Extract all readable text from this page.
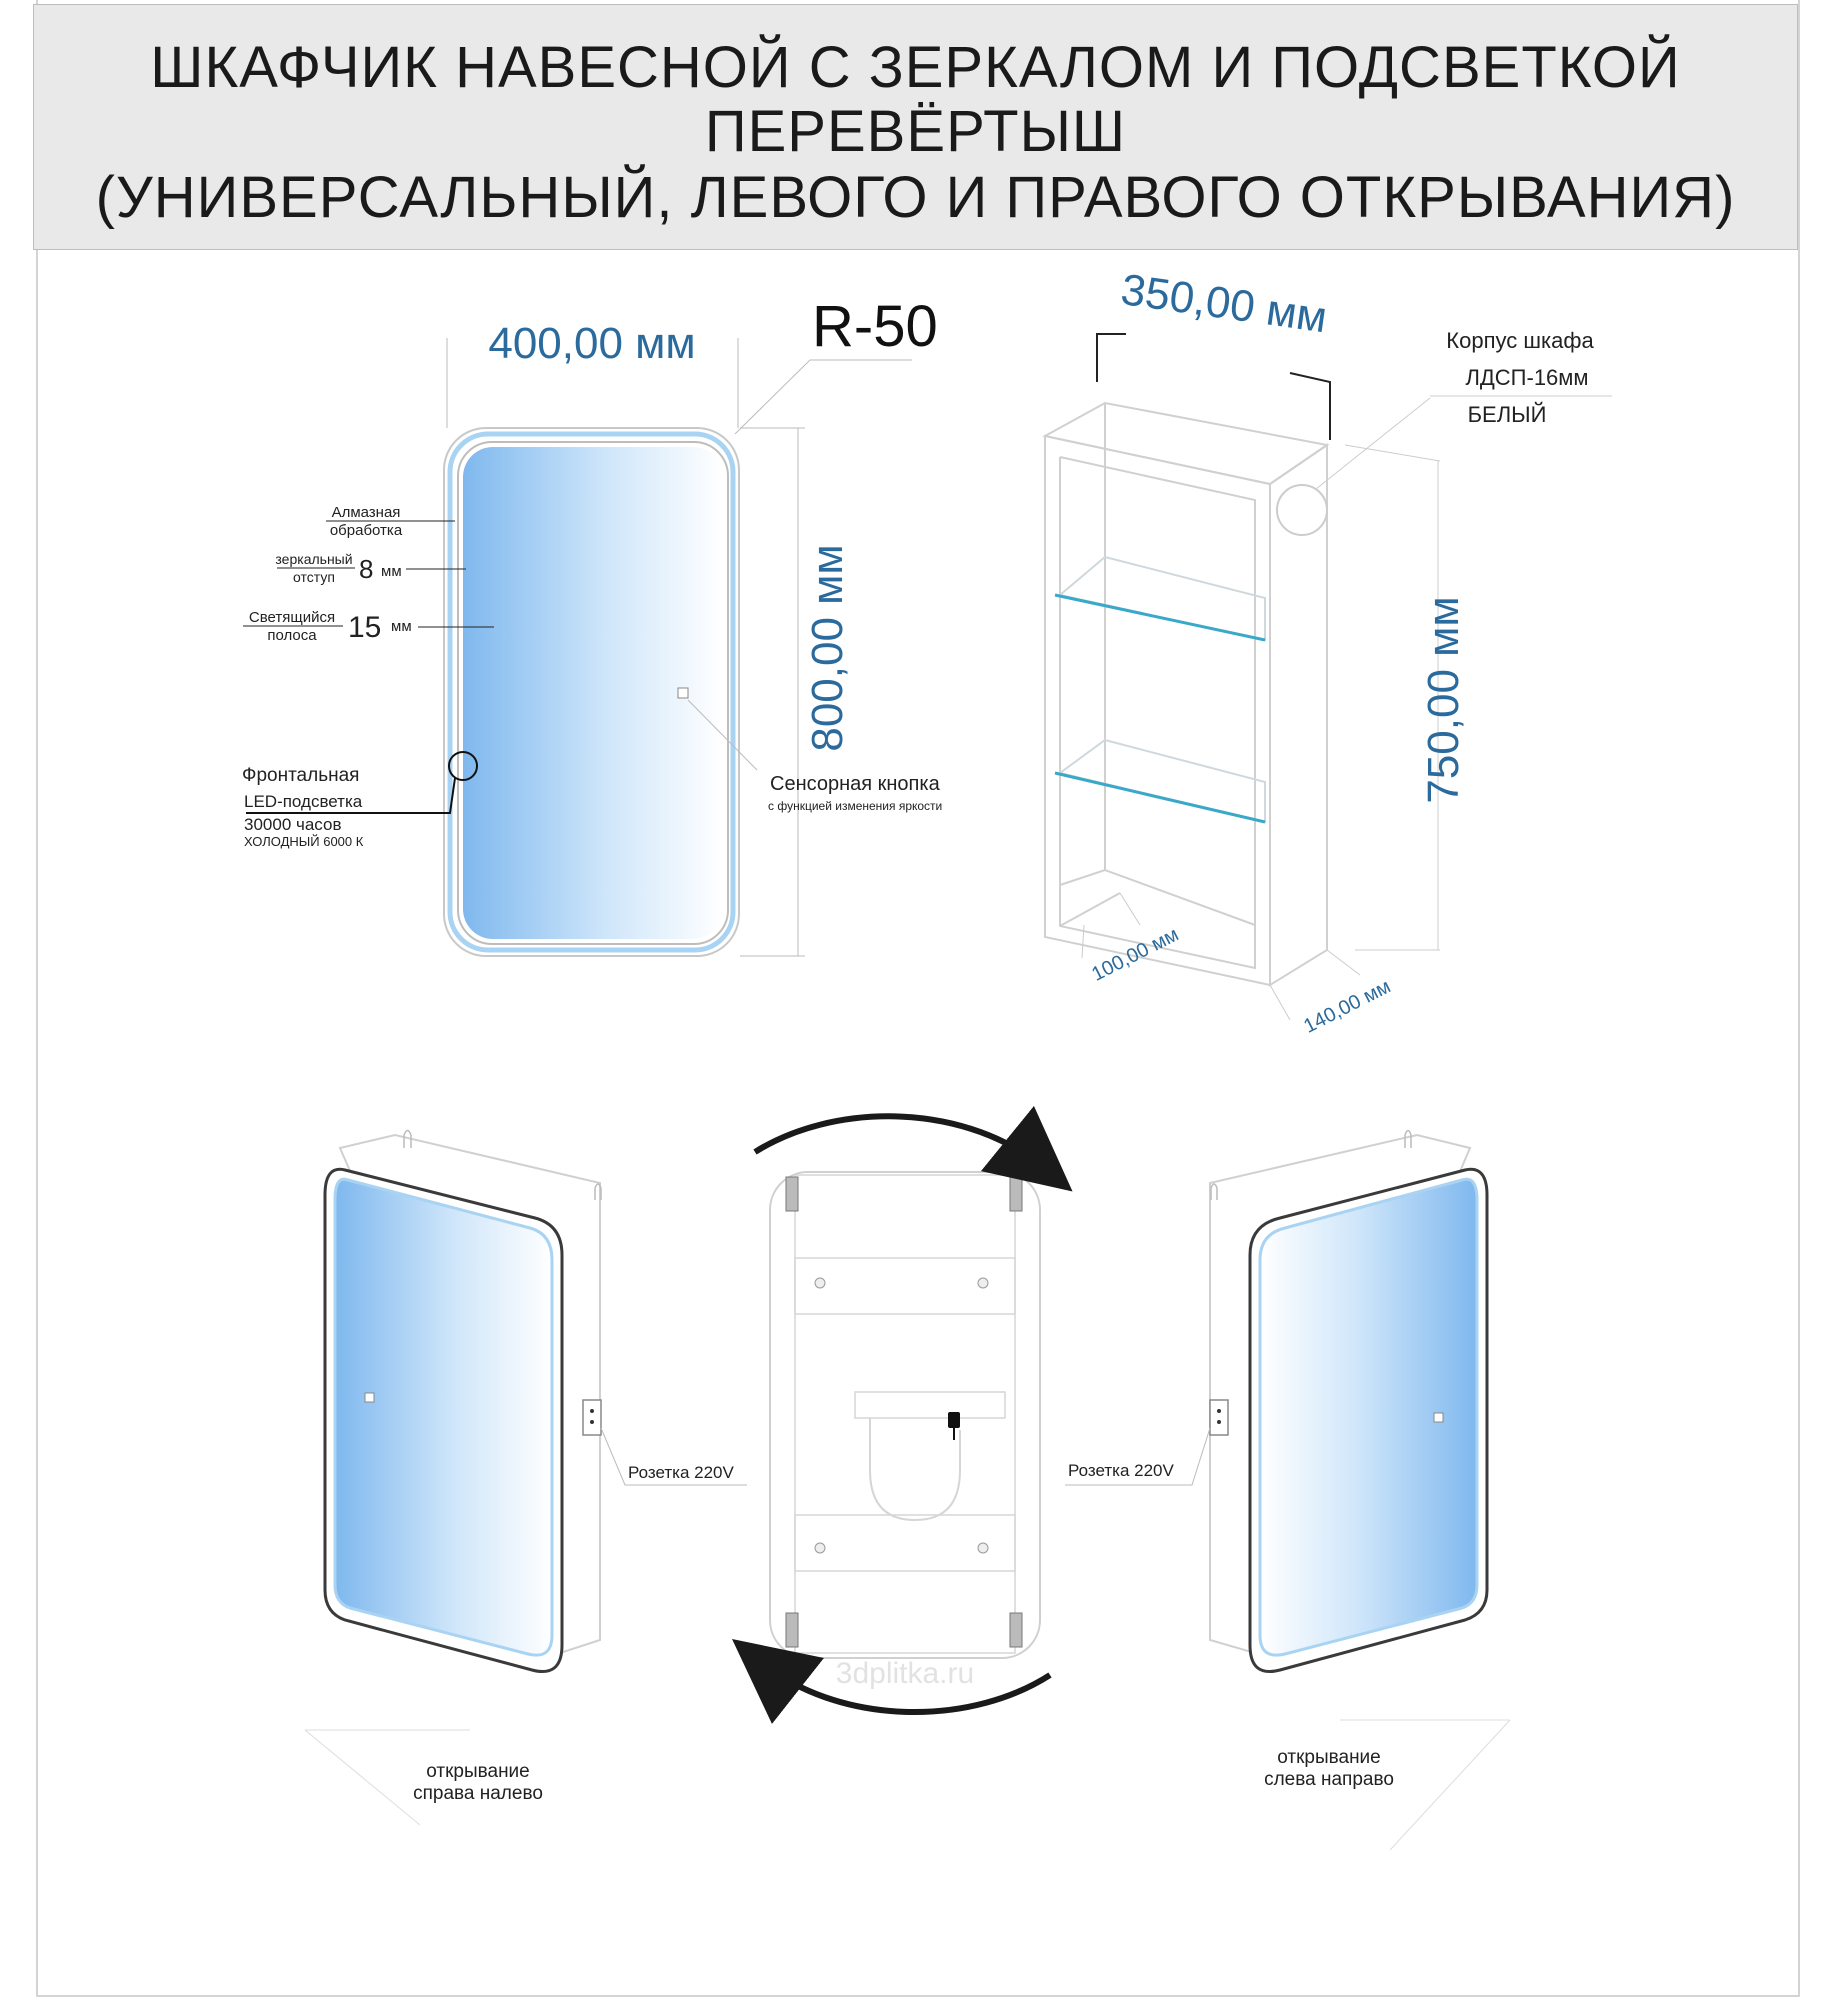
ШКАФЧИК НАВЕСНОЙ С ЗЕРКАЛОМ И ПОДСВЕТКОЙ
ПЕРЕВЁРТЫШ
(УНИВЕРСАЛЬНЫЙ, ЛЕВОГО И ПРАВОГО ОТКРЫВАНИЯ)
400,00 мм R-50
800,00 мм
Алмазная
обработка
зеркальный
отступ 8 мм
Светящийся
полоса 15 мм
Фронтальная
LED-подсветка
30000 часов
ХОЛОДНЫЙ 6000 К
Сенсорная кнопка
с функцией изменения яркости
350,00 мм
750,00 мм
100,00 мм
140,00 мм
Корпус шкафа
ЛДСП-16мм
БЕЛЫЙ
Розетка 220V
открывание
справа налево
3dplitka.ru
Розетка 220V
открывание
слева направо
